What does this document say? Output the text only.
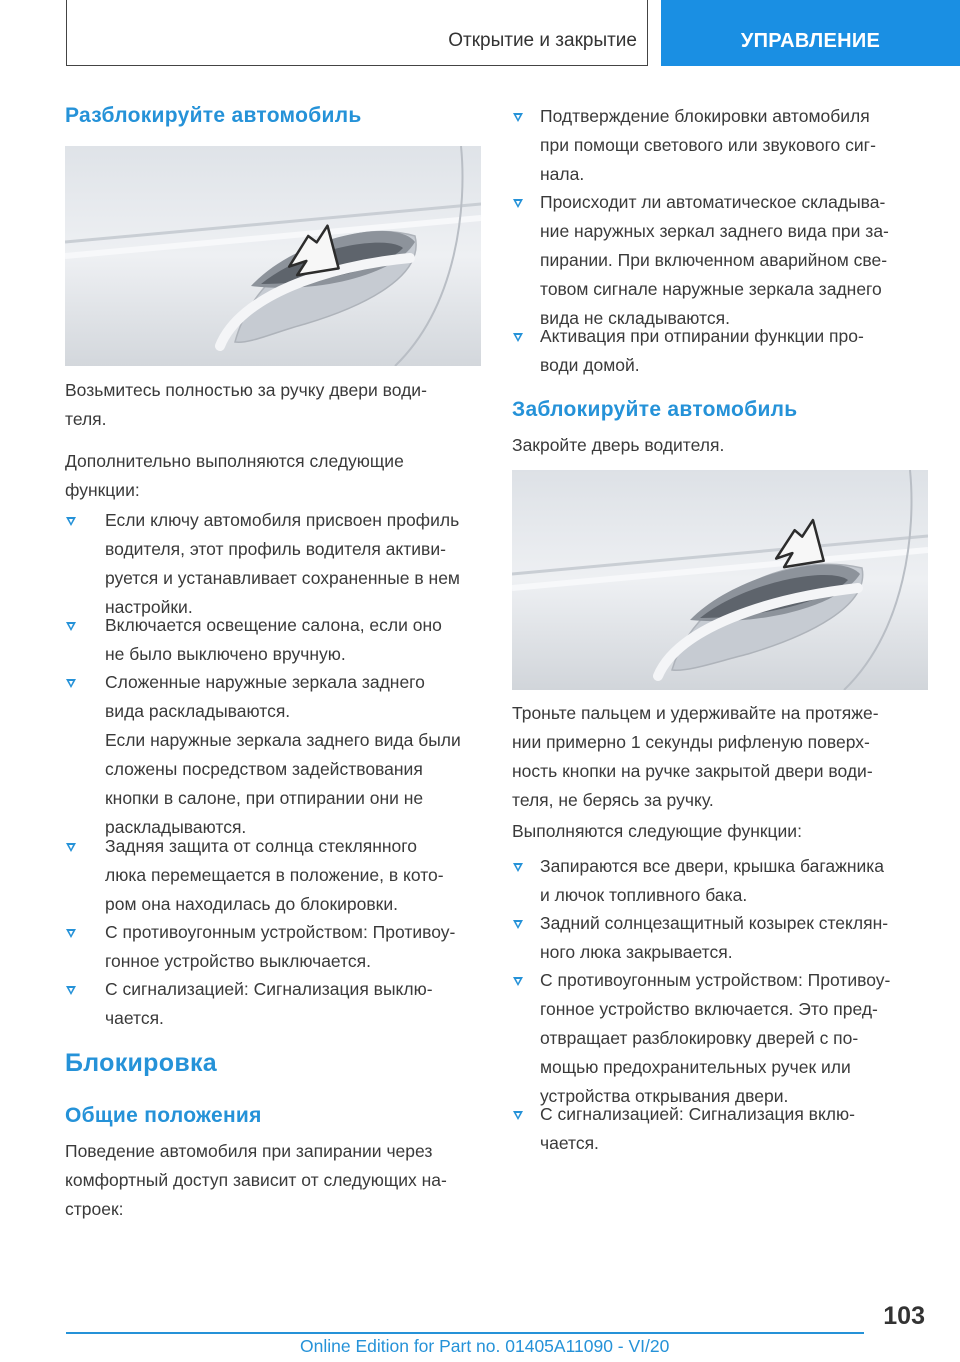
Открытие и закрытие	УПРАВЛЕНИЕ
Разблокируйте автомобиль
Возьмитесь полностью за ручку двери води-
теля.
Дополнительно выполняются следующие
функции:
Если ключу автомобиля присвоен профиль
водителя, этот профиль водителя активи-
руется и устанавливает сохраненные в нем
настройки.
Включается освещение салона, если оно
не было выключено вручную.
Сложенные наружные зеркала заднего
вида раскладываются.
Если наружные зеркала заднего вида были
сложены посредством задействования
кнопки в салоне, при отпирании они не
раскладываются.
Задняя защита от солнца стеклянного
люка перемещается в положение, в кото-
ром она находилась до блокировки.
С противоугонным устройством: Противоу-
гонное устройство выключается.
С сигнализацией: Сигнализация выклю-
чается.
Блокировка
Общие положения
Поведение автомобиля при запирании через
комфортный доступ зависит от следующих на-
строек:
Подтверждение блокировки автомобиля
при помощи светового или звукового сиг-
нала.
Происходит ли автоматическое складыва-
ние наружных зеркал заднего вида при за-
пирании. При включенном аварийном све-
товом сигнале наружные зеркала заднего
вида не складываются.
Активация при отпирании функции про-
води домой.
Заблокируйте автомобиль
Закройте дверь водителя.
Троньте пальцем и удерживайте на протяже-
нии примерно 1 секунды рифленую поверх-
ность кнопки на ручке закрытой двери води-
теля, не берясь за ручку.
Выполняются следующие функции:
Запираются все двери, крышка багажника
и лючок топливного бака.
Задний солнцезащитный козырек стеклян-
ного люка закрывается.
С противоугонным устройством: Противоу-
гонное устройство включается. Это пред-
отвращает разблокировку дверей с по-
мощью предохранительных ручек или
устройства открывания двери.
С сигнализацией: Сигнализация вклю-
чается.
103
Online Edition for Part no. 01405A11090 - VI/20
